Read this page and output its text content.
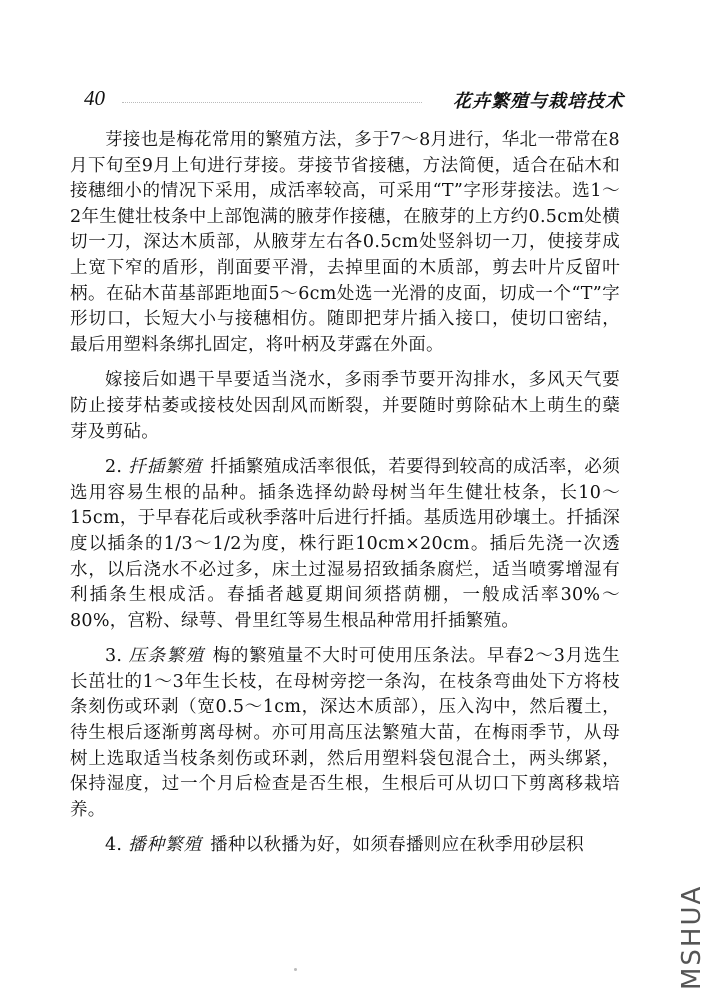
40	花卉繁殖与栽培技术

芽接也是梅花常用的繁殖方法，多于7～8月进行，华北一带常在8月下旬至9月上旬进行芽接。芽接节省接穗，方法简便，适合在砧木和接穗细小的情况下采用，成活率较高，可采用“T”字形芽接法。选1～2年生健壮枝条中上部饱满的腋芽作接穗，在腋芽的上方约0.5cm处横切一刀，深达木质部，从腋芽左右各0.5cm处竖斜切一刀，使接芽成上宽下窄的盾形，削面要平滑，去掉里面的木质部，剪去叶片反留叶柄。在砧木苗基部距地面5～6cm处选一光滑的皮面，切成一个“T”字形切口，长短大小与接穗相仿。随即把芽片插入接口，使切口密结，最后用塑料条绑扎固定，将叶柄及芽露在外面。

嫁接后如遇干旱要适当浇水，多雨季节要开沟排水，多风天气要防止接芽枯萎或接枝处因刮风而断裂，并要随时剪除砧木上萌生的蘖芽及剪砧。

2. 扦插繁殖 扦插繁殖成活率很低，若要得到较高的成活率，必须选用容易生根的品种。插条选择幼龄母树当年生健壮枝条，长10～15cm，于早春花后或秋季落叶后进行扦插。基质选用砂壤土。扦插深度以插条的1/3～1/2为度，株行距10cm×20cm。插后先浇一次透水，以后浇水不必过多，床土过湿易招致插条腐烂，适当喷雾增湿有利插条生根成活。春插者越夏期间须搭荫棚，一般成活率30%～80%，宫粉、绿萼、骨里红等易生根品种常用扦插繁殖。

3. 压条繁殖 梅的繁殖量不大时可使用压条法。早春2～3月选生长茁壮的1～3年生长枝，在母树旁挖一条沟，在枝条弯曲处下方将枝条刻伤或环剥（宽0.5～1cm，深达木质部），压入沟中，然后覆土，待生根后逐渐剪离母树。亦可用高压法繁殖大苗，在梅雨季节，从母树上选取适当枝条刻伤或环剥，然后用塑料袋包混合土，两头绑紧，保持湿度，过一个月后检查是否生根，生根后可从切口下剪离移栽培养。

4. 播种繁殖 播种以秋播为好，如须春播则应在秋季用砂层积

MSHUA
